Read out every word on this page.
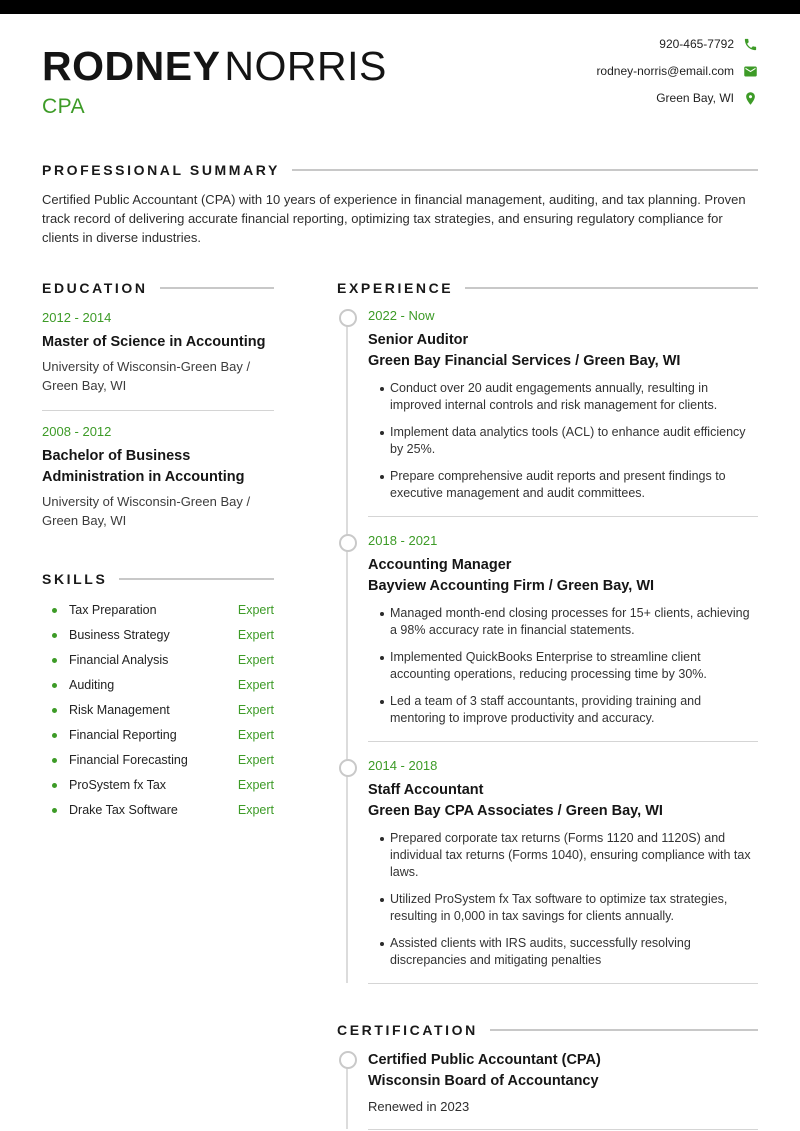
RODNEYNORRIS
CPA
920-465-7792
rodney-norris@email.com
Green Bay, WI
PROFESSIONAL SUMMARY

Certified Public Accountant (CPA) with 10 years of experience in financial management, auditing, and tax planning. Proven track record of delivering accurate financial reporting, optimizing tax strategies, and ensuring regulatory compliance for clients in diverse industries.

EDUCATION
2012 - 2014
Master of Science in Accounting
University of Wisconsin-Green Bay / Green Bay, WI
2008 - 2012
Bachelor of Business Administration in Accounting
University of Wisconsin-Green Bay / Green Bay, WI
SKILLS
Tax Preparation	Expert
Business Strategy	Expert
Financial Analysis	Expert
Auditing	Expert
Risk Management	Expert
Financial Reporting	Expert
Financial Forecasting	Expert
ProSystem fx Tax	Expert
Drake Tax Software	Expert
EXPERIENCE
2022 - Now
Senior Auditor
Green Bay Financial Services / Green Bay, WI
Conduct over 20 audit engagements annually, resulting in improved internal controls and risk management for clients.
Implement data analytics tools (ACL) to enhance audit efficiency by 25%.
Prepare comprehensive audit reports and present findings to executive management and audit committees.
2018 - 2021
Accounting Manager
Bayview Accounting Firm / Green Bay, WI
Managed month-end closing processes for 15+ clients, achieving a 98% accuracy rate in financial statements.
Implemented QuickBooks Enterprise to streamline client accounting operations, reducing processing time by 30%.
Led a team of 3 staff accountants, providing training and mentoring to improve productivity and accuracy.
2014 - 2018
Staff Accountant
Green Bay CPA Associates / Green Bay, WI
Prepared corporate tax returns (Forms 1120 and 1120S) and individual tax returns (Forms 1040), ensuring compliance with tax laws.
Utilized ProSystem fx Tax software to optimize tax strategies, resulting in 0,000 in tax savings for clients annually.
Assisted clients with IRS audits, successfully resolving discrepancies and mitigating penalties
CERTIFICATION
Certified Public Accountant (CPA)
Wisconsin Board of Accountancy
Renewed in 2023
